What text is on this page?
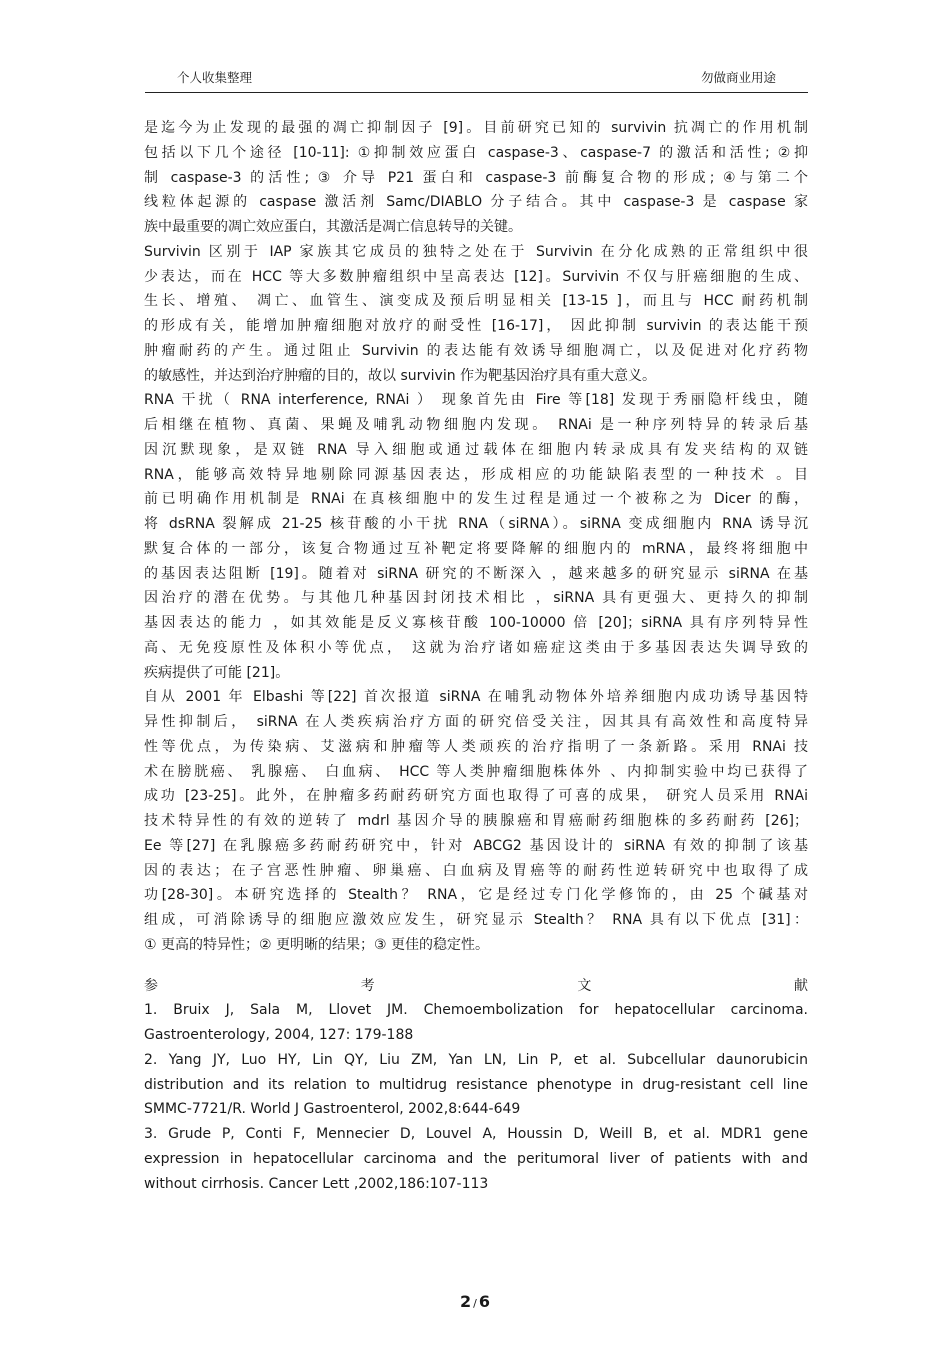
个人收集整理	勿做商业用途

是迄今为止发现的最强的凋亡抑制因子 [9]。目前研究已知的 survivin 抗凋亡的作用机制

包括以下几个途径 [10-11]: ①抑制效应蛋白 caspase-3、caspase-7 的激活和活性; ②抑

制 caspase-3 的活性; ③ 介导 P21 蛋白和 caspase-3 前酶复合物的形成; ④与第二个

线粒体起源的 caspase 激活剂 Samc/DIABLO 分子结合。其中 caspase-3 是 caspase 家

族中最重要的凋亡效应蛋白，其激活是凋亡信息转导的关键。

Survivin 区别于 IAP 家族其它成员的独特之处在于 Survivin 在分化成熟的正常组织中很

少表达，而在 HCC 等大多数肿瘤组织中呈高表达 [12]。Survivin 不仅与肝癌细胞的生成、

生长、增殖、 凋亡、血管生、演变成及预后明显相关 [13-15 ]，而且与 HCC 耐药机制

的形成有关，能增加肿瘤细胞对放疗的耐受性 [16-17]， 因此抑制 survivin 的表达能干预

肿瘤耐药的产生。通过阻止 Survivin 的表达能有效诱导细胞凋亡，以及促进对化疗药物

的敏感性，并达到治疗肿瘤的目的，故以 survivin 作为靶基因治疗具有重大意义。

RNA 干扰（ RNA interference, RNAi ） 现象首先由 Fire 等[18] 发现于秀丽隐杆线虫，随

后相继在植物、真菌、果蝇及哺乳动物细胞内发现。 RNAi 是一种序列特异的转录后基

因沉默现象，是双链 RNA 导入细胞或通过载体在细胞内转录成具有发夹结构的双链

RNA，能够高效特异地剔除同源基因表达，形成相应的功能缺陷表型的一种技术 。目

前已明确作用机制是 RNAi 在真核细胞中的发生过程是通过一个被称之为 Dicer 的酶，

将 dsRNA 裂解成 21-25 核苷酸的小干扰 RNA（siRNA）。siRNA 变成细胞内 RNA 诱导沉

默复合体的一部分，该复合物通过互补靶定将要降解的细胞内的 mRNA，最终将细胞中

的基因表达阻断 [19]。随着对 siRNA 研究的不断深入 ，越来越多的研究显示 siRNA 在基

因治疗的潜在优势。与其他几种基因封闭技术相比 ，siRNA 具有更强大、更持久的抑制

基因表达的能力 ，如其效能是反义寡核苷酸 100-10000 倍 [20]；siRNA 具有序列特异性

高、无免疫原性及体积小等优点， 这就为治疗诸如癌症这类由于多基因表达失调导致的

疾病提供了可能 [21]。

自从 2001 年 Elbashi 等[22] 首次报道 siRNA 在哺乳动物体外培养细胞内成功诱导基因特

异性抑制后， siRNA 在人类疾病治疗方面的研究倍受关注，因其具有高效性和高度特异

性等优点，为传染病、艾滋病和肿瘤等人类顽疾的治疗指明了一条新路。采用 RNAi 技

术在膀胱癌、 乳腺癌、 白血病、 HCC 等人类肿瘤细胞株体外 、内抑制实验中均已获得了

成功 [23-25]。此外，在肿瘤多药耐药研究方面也取得了可喜的成果， 研究人员采用 RNAi

技术特异性的有效的逆转了 mdrl 基因介导的胰腺癌和胃癌耐药细胞株的多药耐药 [26]；

Ee 等[27] 在乳腺癌多药耐药研究中，针对 ABCG2 基因设计的 siRNA 有效的抑制了该基

因的表达；在子宫恶性肿瘤、卵巢癌、白血病及胃癌等的耐药性逆转研究中也取得了成

功[28-30]。本研究选择的 Stealth？ RNA，它是经过专门化学修饰的，由 25 个碱基对

组成，可消除诱导的细胞应激效应发生，研究显示 Stealth？ RNA 具有以下优点 [31]：

① 更高的特异性；② 更明晰的结果；③ 更佳的稳定性。

参考文献

1. Bruix J, Sala M, Llovet JM. Chemoembolization for hepatocellular carcinoma.

Gastroenterology, 2004, 127: 179-188

2. Yang JY, Luo HY, Lin QY, Liu ZM, Yan LN, Lin P, et al. Subcellular daunorubicin

distribution and its relation to multidrug resistance phenotype in drug-resistant cell line

SMMC-7721/R. World J Gastroenterol, 2002,8:644-649

3. Grude P, Conti F, Mennecier D, Louvel A, Houssin D, Weill B, et al. MDR1 gene

expression in hepatocellular carcinoma and the peritumoral liver of patients with and

without cirrhosis. Cancer Lett ,2002,186:107-113

2 / 6
